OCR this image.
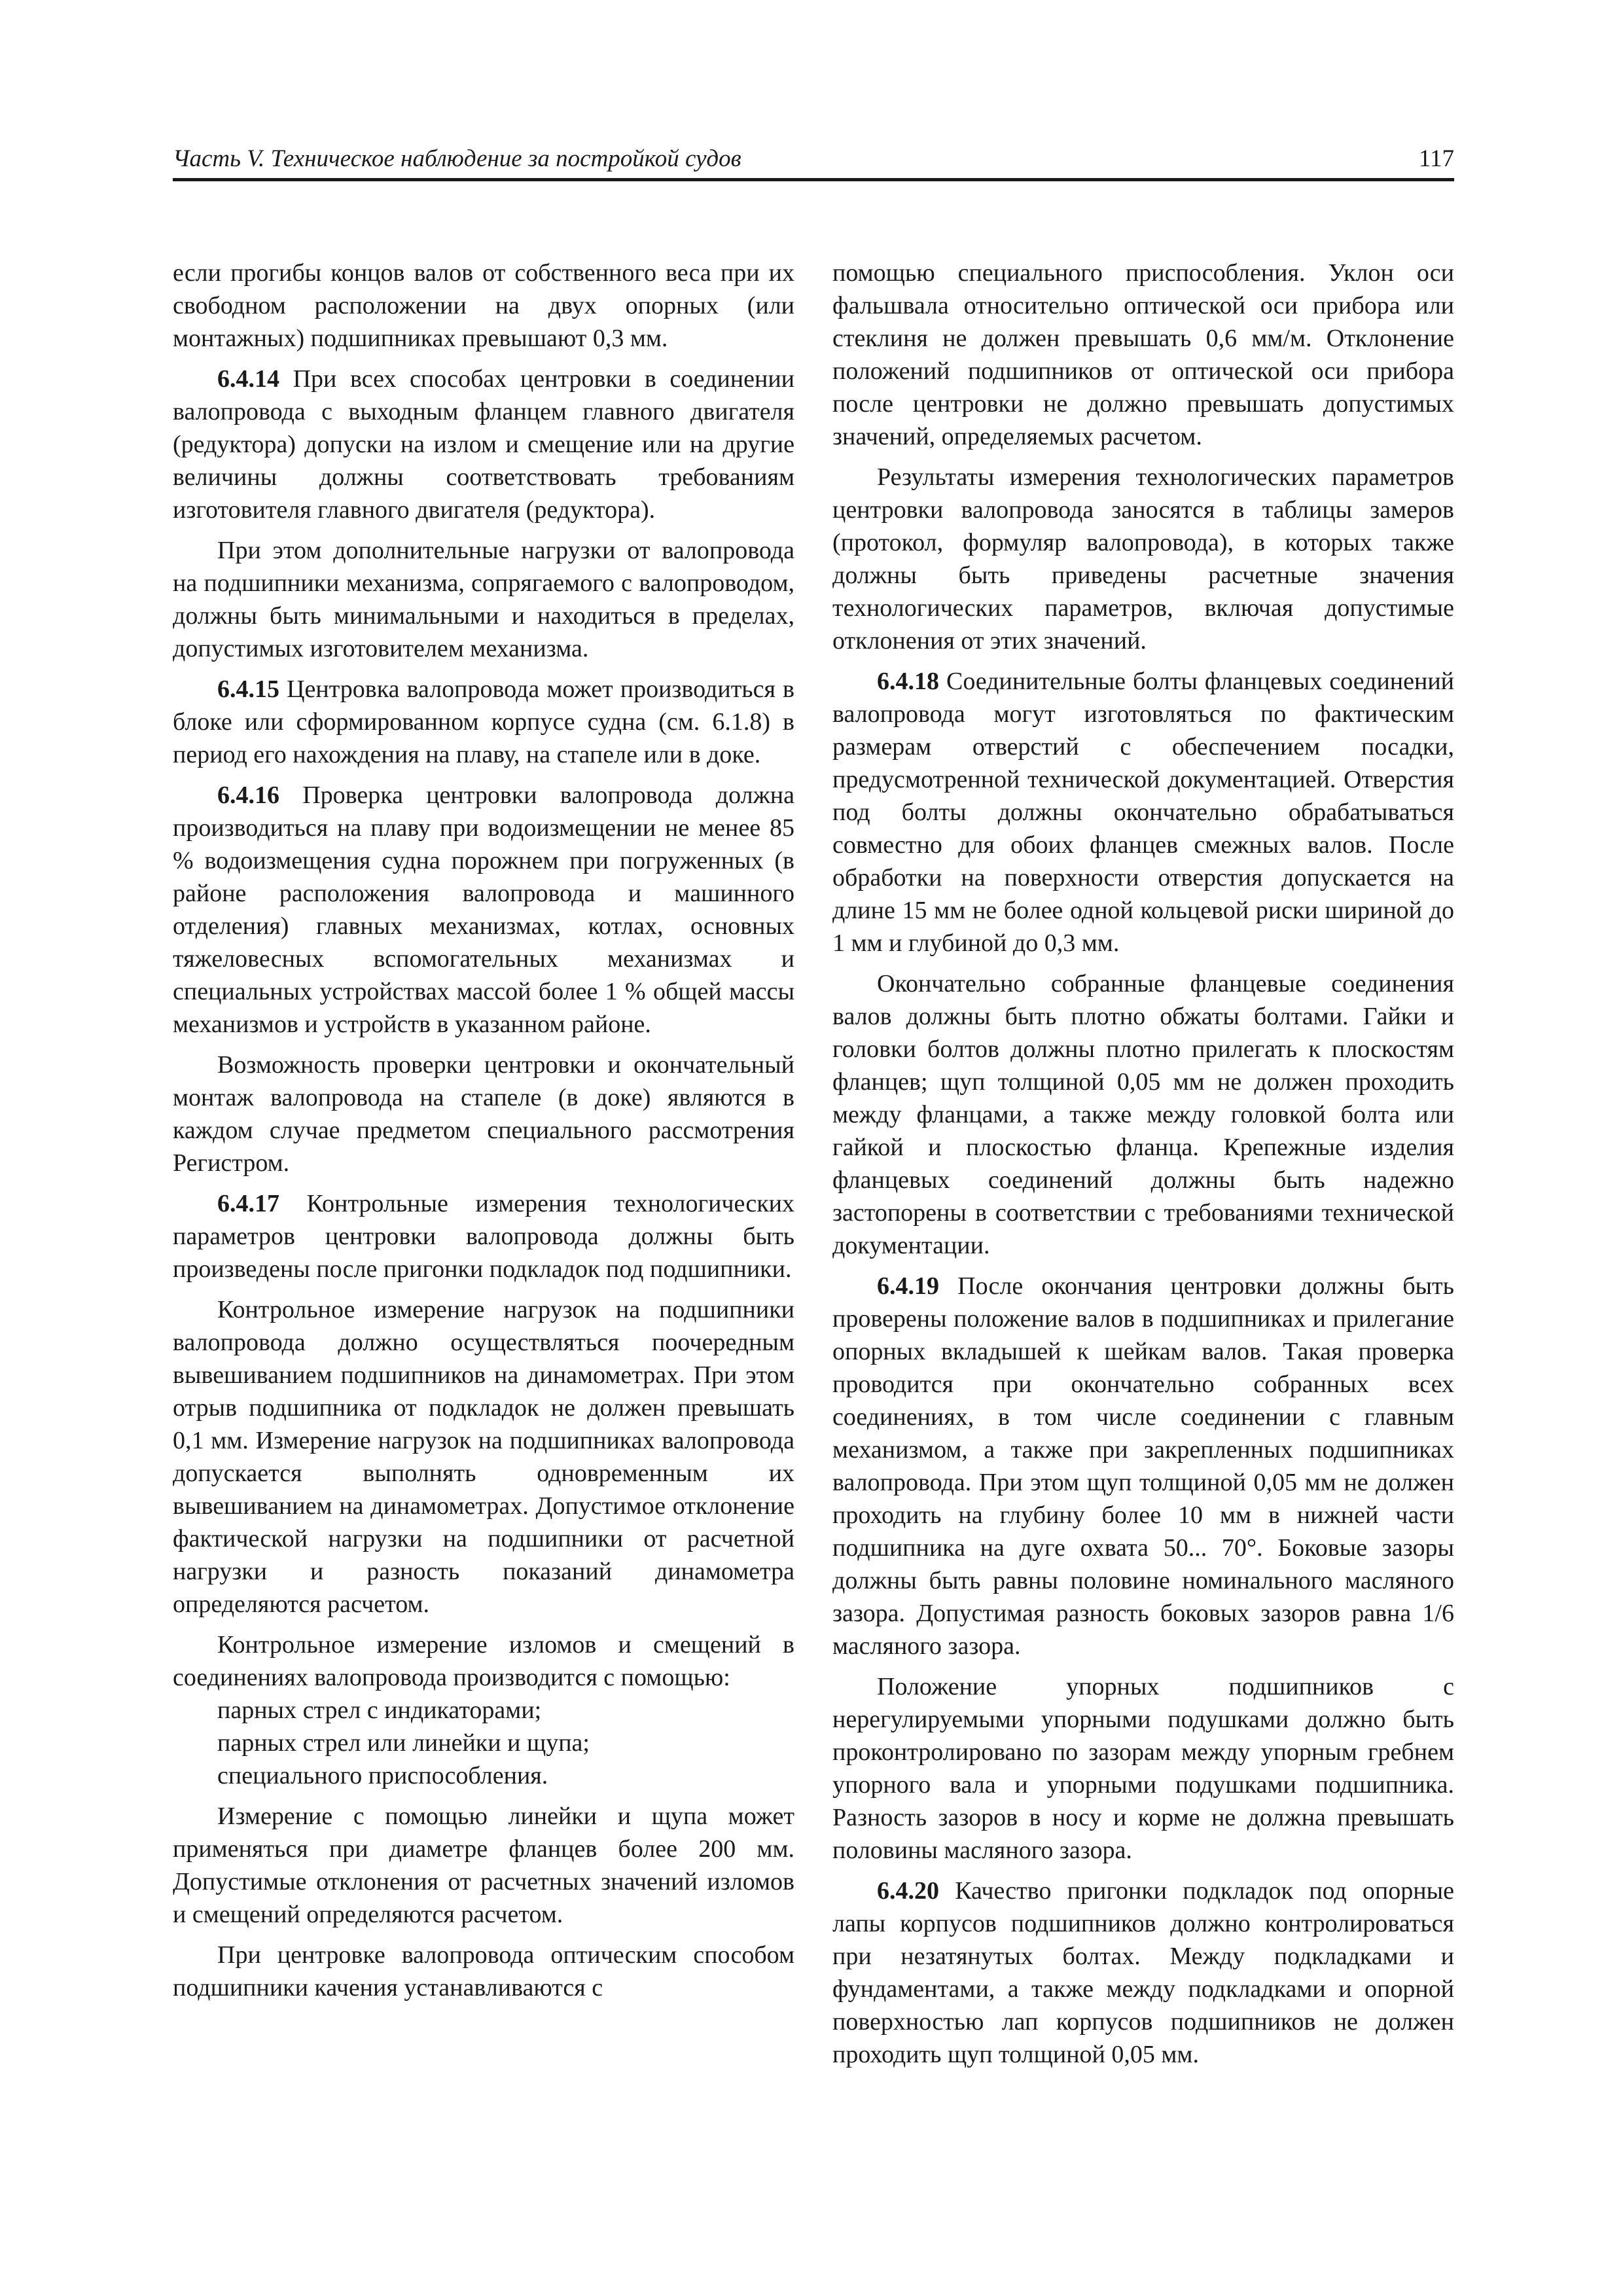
Часть V. Техническое наблюдение за постройкой судов	117

если прогибы концов валов от собственного веса при их свободном расположении на двух опорных (или монтажных) подшипниках превышают 0,3 мм.

6.4.14 При всех способах центровки в соединении валопровода с выходным фланцем главного двигателя (редуктора) допуски на излом и смещение или на другие величины должны соответствовать требованиям изготовителя главного двигателя (редуктора).

При этом дополнительные нагрузки от валопровода на подшипники механизма, сопрягаемого с валопроводом, должны быть минимальными и находиться в пределах, допустимых изготовителем механизма.

6.4.15 Центровка валопровода может производиться в блоке или сформированном корпусе судна (см. 6.1.8) в период его нахождения на плаву, на стапеле или в доке.

6.4.16 Проверка центровки валопровода должна производиться на плаву при водоизмещении не менее 85 % водоизмещения судна порожнем при погруженных (в районе расположения валопровода и машинного отделения) главных механизмах, котлах, основных тяжеловесных вспомогательных механизмах и специальных устройствах массой более 1 % общей массы механизмов и устройств в указанном районе.

Возможность проверки центровки и окончательный монтаж валопровода на стапеле (в доке) являются в каждом случае предметом специального рассмотрения Регистром.

6.4.17 Контрольные измерения технологических параметров центровки валопровода должны быть произведены после пригонки подкладок под подшипники.

Контрольное измерение нагрузок на подшипники валопровода должно осуществляться поочередным вывешиванием подшипников на динамометрах. При этом отрыв подшипника от подкладок не должен превышать 0,1 мм. Измерение нагрузок на подшипниках валопровода допускается выполнять одновременным их вывешиванием на динамометрах. Допустимое отклонение фактической нагрузки на подшипники от расчетной нагрузки и разность показаний динамометра определяются расчетом.

Контрольное измерение изломов и смещений в соединениях валопровода производится с помощью:

парных стрел с индикаторами;

парных стрел или линейки и щупа;

специального приспособления.

Измерение с помощью линейки и щупа может применяться при диаметре фланцев более 200 мм. Допустимые отклонения от расчетных значений изломов и смещений определяются расчетом.

При центровке валопровода оптическим способом подшипники качения устанавливаются с

помощью специального приспособления. Уклон оси фальшвала относительно оптической оси прибора или стеклиня не должен превышать 0,6 мм/м. Отклонение положений подшипников от оптической оси прибора после центровки не должно превышать допустимых значений, определяемых расчетом.

Результаты измерения технологических параметров центровки валопровода заносятся в таблицы замеров (протокол, формуляр валопровода), в которых также должны быть приведены расчетные значения технологических параметров, включая допустимые отклонения от этих значений.

6.4.18 Соединительные болты фланцевых соединений валопровода могут изготовляться по фактическим размерам отверстий с обеспечением посадки, предусмотренной технической документацией. Отверстия под болты должны окончательно обрабатываться совместно для обоих фланцев смежных валов. После обработки на поверхности отверстия допускается на длине 15 мм не более одной кольцевой риски шириной до 1 мм и глубиной до 0,3 мм.

Окончательно собранные фланцевые соединения валов должны быть плотно обжаты болтами. Гайки и головки болтов должны плотно прилегать к плоскостям фланцев; щуп толщиной 0,05 мм не должен проходить между фланцами, а также между головкой болта или гайкой и плоскостью фланца. Крепежные изделия фланцевых соединений должны быть надежно застопорены в соответствии с требованиями технической документации.

6.4.19 После окончания центровки должны быть проверены положение валов в подшипниках и прилегание опорных вкладышей к шейкам валов. Такая проверка проводится при окончательно собранных всех соединениях, в том числе соединении с главным механизмом, а также при закрепленных подшипниках валопровода. При этом щуп толщиной 0,05 мм не должен проходить на глубину более 10 мм в нижней части подшипника на дуге охвата 50... 70°. Боковые зазоры должны быть равны половине номинального масляного зазора. Допустимая разность боковых зазоров равна 1/6 масляного зазора.

Положение упорных подшипников с нерегулируемыми упорными подушками должно быть проконтролировано по зазорам между упорным гребнем упорного вала и упорными подушками подшипника. Разность зазоров в носу и корме не должна превышать половины масляного зазора.

6.4.20 Качество пригонки подкладок под опорные лапы корпусов подшипников должно контролироваться при незатянутых болтах. Между подкладками и фундаментами, а также между подкладками и опорной поверхностью лап корпусов подшипников не должен проходить щуп толщиной 0,05 мм.
